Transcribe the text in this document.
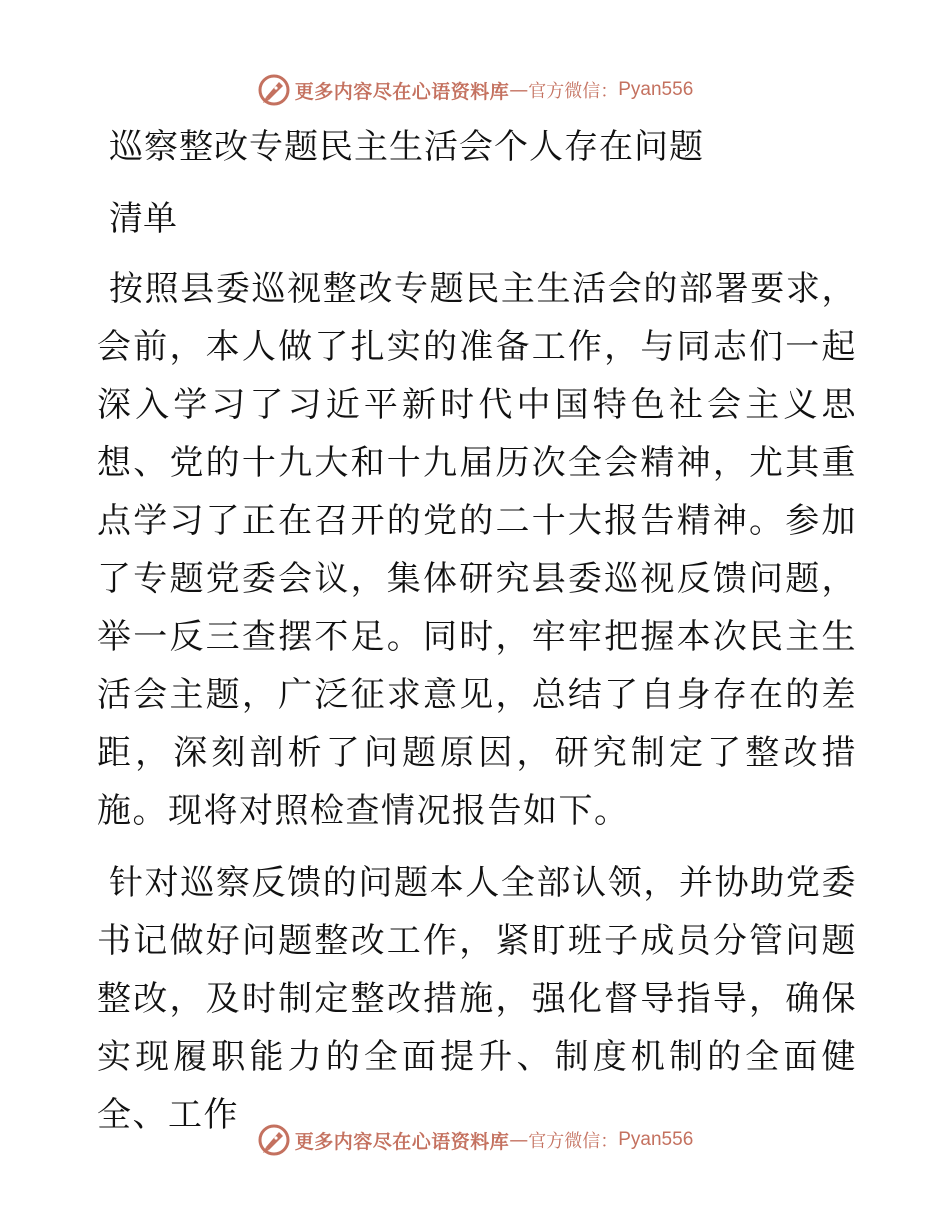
更多内容尽在心语资料库 — 官方微信： Pyan556
巡察整改专题民主生活会个人存在问题

清单

按照县委巡视整改专题民主生活会的部署要求，会前，本人做了扎实的准备工作，与同志们一起深入学习了习近平新时代中国特色社会主义思想、党的十九大和十九届历次全会精神，尤其重点学习了正在召开的党的二十大报告精神。参加了专题党委会议，集体研究县委巡视反馈问题，举一反三查摆不足。同时，牢牢把握本次民主生活会主题，广泛征求意见，总结了自身存在的差距，深刻剖析了问题原因，研究制定了整改措施。现将对照检查情况报告如下。

针对巡察反馈的问题本人全部认领，并协助党委书记做好问题整改工作，紧盯班子成员分管问题整改，及时制定整改措施，强化督导指导，确保实现履职能力的全面提升、制度机制的全面健全、工作

更多内容尽在心语资料库 — 官方微信： Pyan556
